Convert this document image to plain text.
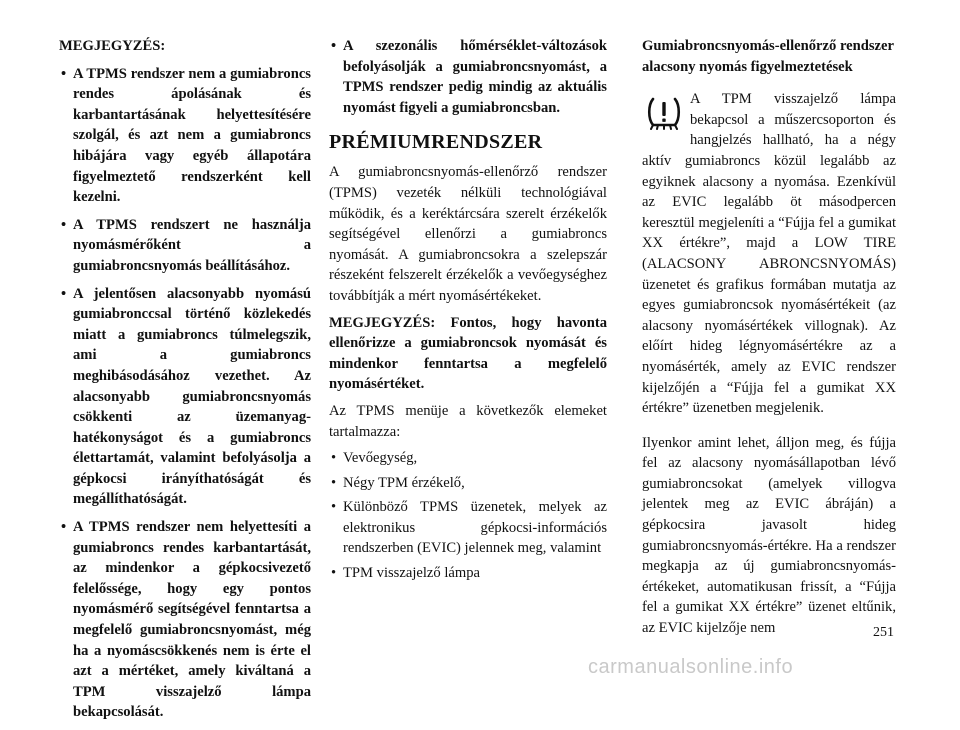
MEGJEGYZÉS:
• A TPMS rendszer nem a gumiabroncs rendes ápolásának és karbantartásának helyettesítésére szolgál, és azt nem a gumiabroncs hibájára vagy egyéb állapotára figyelmeztető rendszerként kell kezelni.
• A TPMS rendszert ne használja nyomásmérőként a gumiabroncsnyomás beállításához.
• A jelentősen alacsonyabb nyomású gumiabronccsal történő közlekedés miatt a gumiabroncs túlmelegszik, ami a gumiabroncs meghibásodásához vezethet. Az alacsonyabb gumiabroncsnyomás csökkenti az üzemanyag-hatékonyságot és a gumiabroncs élettartamát, valamint befolyásolja a gépkocsi irányíthatóságát és megállíthatóságát.
• A TPMS rendszer nem helyettesíti a gumiabroncs rendes karbantartását, az mindenkor a gépkocsivezető felelőssége, hogy egy pontos nyomásmérő segítségével fenntartsa a megfelelő gumiabroncsnyomást, még ha a nyomáscsökkenés nem is érte el azt a mértéket, amely kiváltaná a TPM visszajelző lámpa bekapcsolását.
• A szezonális hőmérséklet-változások befolyásolják a gumiabroncsnyomást, a TPMS rendszer pedig mindig az aktuális nyomást figyeli a gumiabroncsban.
PRÉMIUMRENDSZER

A gumiabroncsnyomás-ellenőrző rendszer (TPMS) vezeték nélküli technológiával működik, és a keréktárcsára szerelt érzékelők segítségével ellenőrzi a gumiabroncs nyomását. A gumiabroncsokra a szelepszár részeként felszerelt érzékelők a vevőegységhez továbbítják a mért nyomásértékeket.

MEGJEGYZÉS: Fontos, hogy havonta ellenőrizze a gumiabroncsok nyomását és mindenkor fenntartsa a megfelelő nyomásértéket.

Az TPMS menüje a következők elemeket tartalmazza:

• Vevőegység,
• Négy TPM érzékelő,
• Különböző TPMS üzenetek, melyek az elektronikus gépkocsi-információs rendszerben (EVIC) jelennek meg, valamint
• TPM visszajelző lámpa
Gumiabroncsnyomás-ellenőrző rendszer alacsony nyomás figyelmeztetések

A TPM visszajelző lámpa bekapcsol a műszercsoporton és hangjelzés hallható, ha a négy aktív gumiabroncs közül legalább az egyiknek alacsony a nyomása. Ezenkívül az EVIC legalább öt másodpercen keresztül megjeleníti a “Fújja fel a gumikat XX értékre”, majd a LOW TIRE (ALACSONY ABRONCSNYOMÁS) üzenetet és grafikus formában mutatja az egyes gumiabroncsok nyomásértékeit (az alacsony nyomásértékek villognak). Az előírt hideg légnyomásértékre az a nyomásérték, amely az EVIC rendszer kijelzőjén a “Fújja fel a gumikat XX értékre” üzenetben megjelenik.

Ilyenkor amint lehet, álljon meg, és fújja fel az alacsony nyomásállapotban lévő gumiabroncsokat (amelyek villogva jelentek meg az EVIC ábráján) a gépkocsira javasolt hideg gumiabroncsnyomás-értékre. Ha a rendszer megkapja az új gumiabroncsnyomás-értékeket, automatikusan frissít, a “Fújja fel a gumikat XX értékre” üzenet eltűnik, az EVIC kijelzője nem	251
carmanualsonline.info
